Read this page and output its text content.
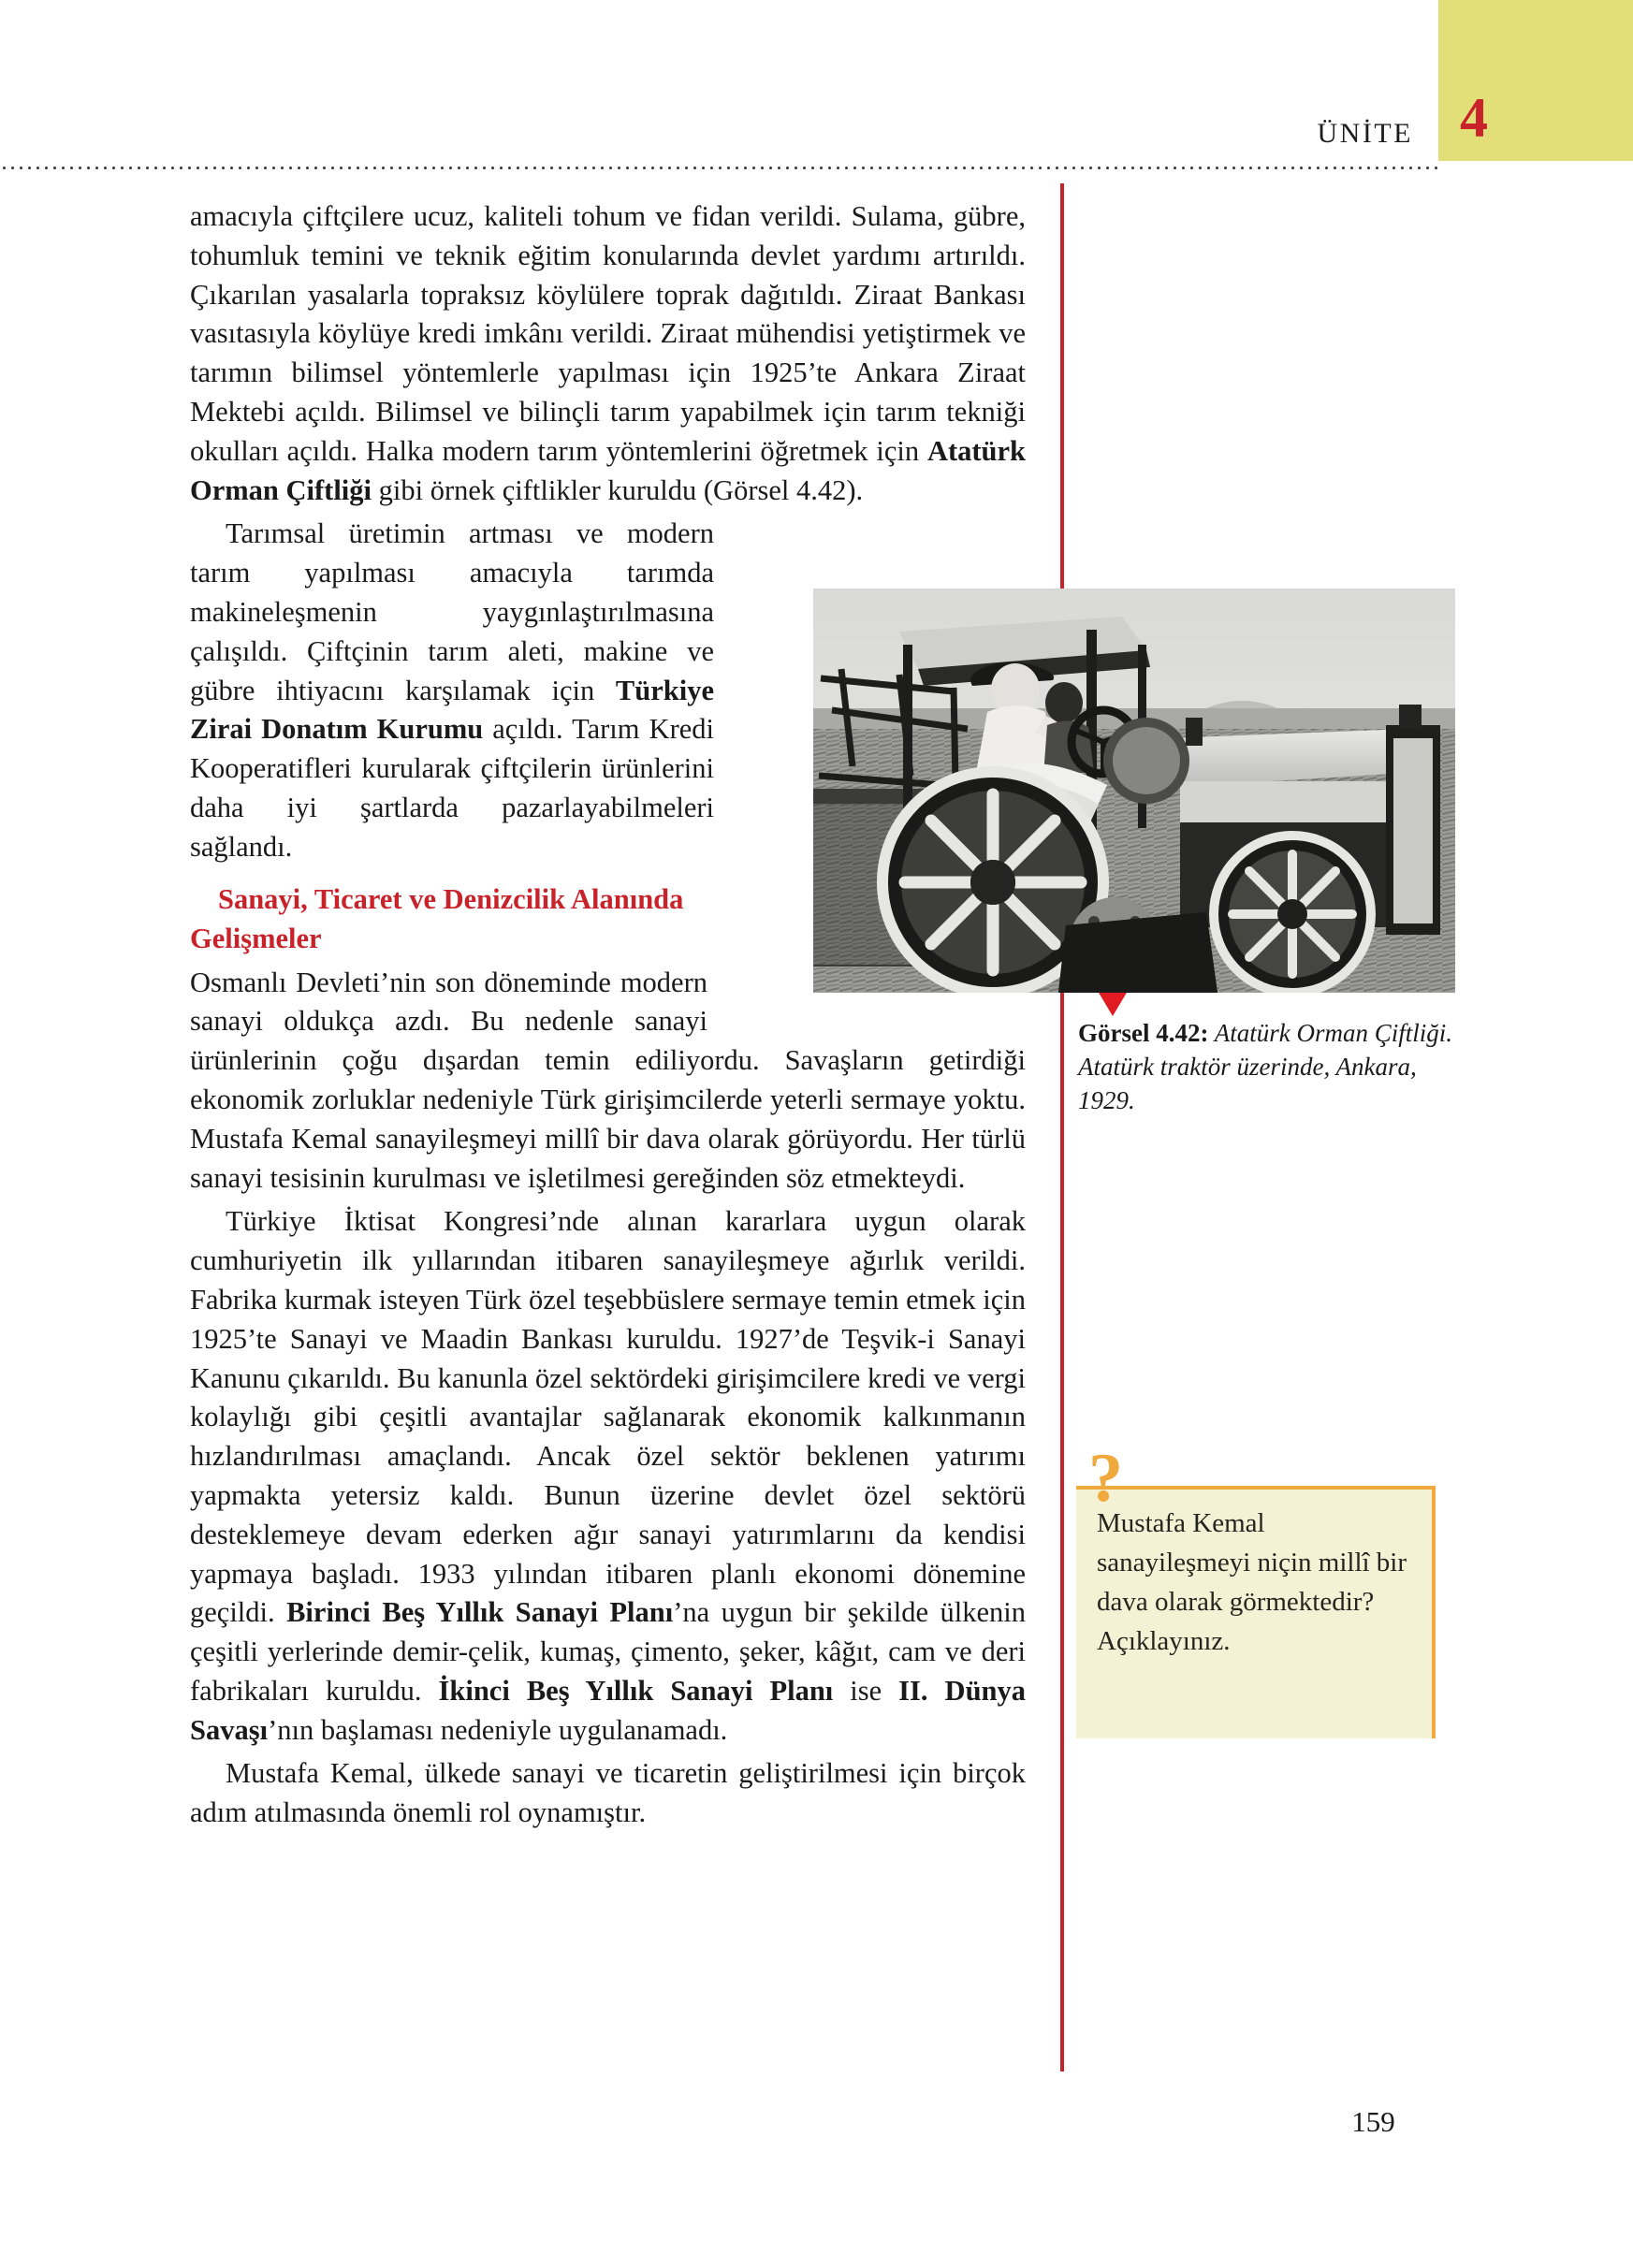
4
ÜNİTE
Görsel 4.42: Atatürk Orman Çiftliği. Atatürk traktör üzerinde, Ankara, 1929.
?
Mustafa Kemal sanayileşmeyi niçin millî bir dava olarak görmektedir? Açıklayınız.

amacıyla çiftçilere ucuz, kaliteli tohum ve fidan verildi. Sulama, gübre, tohumluk temini ve teknik eğitim konularında devlet yardımı artırıldı. Çıkarılan yasalarla topraksız köylülere toprak dağıtıldı. Ziraat Bankası vasıtasıyla köylüye kredi imkânı verildi. Ziraat mühendisi yetiştirmek ve tarımın bilimsel yöntemlerle yapılması için 1925’te Ankara Ziraat Mektebi açıldı. Bilimsel ve bilinçli tarım yapabilmek için tarım tekniği okulları açıldı. Halka modern tarım yöntemlerini öğretmek için Atatürk Orman Çiftliği gibi örnek çiftlikler kuruldu (Görsel 4.42).

Tarımsal üretimin artması ve modern tarım yapılması amacıyla tarımda makineleşmenin yaygınlaştırılmasına çalışıldı. Çiftçinin tarım aleti, makine ve gübre ihtiyacını karşılamak için Türkiye Zirai Donatım Kurumu açıldı. Tarım Kredi Kooperatifleri kurularak çiftçilerin ürünlerini daha iyi şartlarda pazarlayabilmeleri sağlandı.

Sanayi, Ticaret ve Denizcilik Alanında Gelişmeler

Osmanlı Devleti’nin son döneminde modern sanayi oldukça azdı. Bu nedenle sanayi ürünlerinin çoğu dışardan temin ediliyordu. Savaşların getirdiği ekonomik zorluklar nedeniyle Türk girişimcilerde yeterli sermaye yoktu. Mustafa Kemal sanayileşmeyi millî bir dava olarak görüyordu. Her türlü sanayi tesisinin kurulması ve işletilmesi gereğinden söz etmekteydi.

Türkiye İktisat Kongresi’nde alınan kararlara uygun olarak cumhuriyetin ilk yıllarından itibaren sanayileşmeye ağırlık verildi. Fabrika kurmak isteyen Türk özel teşebbüslere sermaye temin etmek için 1925’te Sanayi ve Maadin Bankası kuruldu. 1927’de Teşvik-i Sanayi Kanunu çıkarıldı. Bu kanunla özel sektördeki girişimcilere kredi ve vergi kolaylığı gibi çeşitli avantajlar sağlanarak ekonomik kalkınmanın hızlandırılması amaçlandı. Ancak özel sektör beklenen yatırımı yapmakta yetersiz kaldı. Bunun üzerine devlet özel sektörü desteklemeye devam ederken ağır sanayi yatırımlarını da kendisi yapmaya başladı. 1933 yılından itibaren planlı ekonomi dönemine geçildi. Birinci Beş Yıllık Sanayi Planı’na uygun bir şekilde ülkenin çeşitli yerlerinde demir-çelik, kumaş, çimento, şeker, kâğıt, cam ve deri fabrikaları kuruldu. İkinci Beş Yıllık Sanayi Planı ise II. Dünya Savaşı’nın başlaması nedeniyle uygulanamadı.

Mustafa Kemal, ülkede sanayi ve ticaretin geliştirilmesi için birçok adım atılmasında önemli rol oynamıştır.

159
